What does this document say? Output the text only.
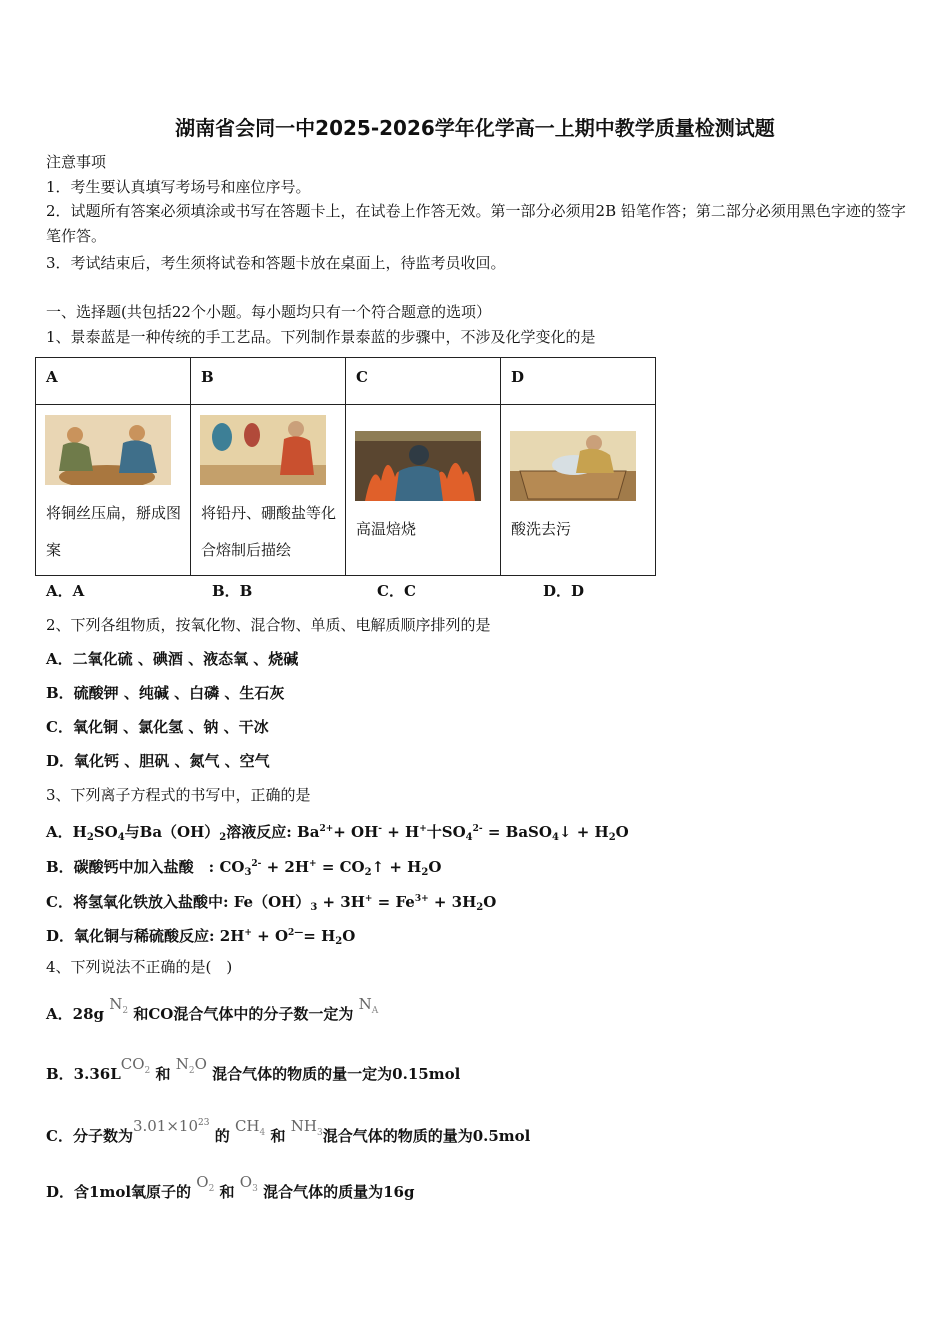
湖南省会同一中2025-2026学年化学高一上期中教学质量检测试题
注意事项
1．考生要认真填写考场号和座位序号。
2．试题所有答案必须填涂或书写在答题卡上，在试卷上作答无效。第一部分必须用2B 铅笔作答；第二部分必须用黑色字迹的签字笔作答。
3．考试结束后，考生须将试卷和答题卡放在桌面上，待监考员收回。
一、选择题(共包括22个小题。每小题均只有一个符合题意的选项）
1、景泰蓝是一种传统的手工艺品。下列制作景泰蓝的步骤中，不涉及化学变化的是
A	B	C	D

将铜丝压扁，掰成图案	将铅丹、硼酸盐等化合熔制后描绘	高温焙烧	酸洗去污
A．A	B．B	C．C	D．D
2、下列各组物质，按氧化物、混合物、单质、电解质顺序排列的是
A．二氧化硫 、碘酒 、液态氧 、烧碱
B．硫酸钾 、纯碱 、白磷 、生石灰
C．氧化铜 、氯化氢 、钠 、干冰
D．氧化钙 、胆矾 、氮气 、空气
3、下列离子方程式的书写中，正确的是
A．$H_2SO_4$与$Ba(OH)_2$溶液反应: $Ba^{2+}+ OH^- + H^+$十$SO_4^{2-}$ = BaSO$_4$↓ + $H_2O$
B．碳酸钙中加入盐酸　: $CO_3^{2-} + 2H^+$ = $CO_2↑ + H_2O$
C．将氢氧化铁放入盐酸中: $Fe(OH)_3 + 3H^+ = Fe^{3+} + 3H_2O$
D．氧化铜与稀硫酸反应: $2H^+ + O^{2—}= H_2O$
4、下列说法不正确的是(　)
A．28g $N_2$ 和CO混合气体中的分子数一定为 $N_A$
B．$3.36LCO_2$ 和 $N_2O$ 混合气体的物质的量一定为0.15mol
C．分子数为$3.01\times 10^{23}$ 的 $CH_4$ 和 $NH_3$混合气体的物质的量为0.5mol
D．含1mol氧原子的 $O_2$ 和 $O_3$ 混合气体的质量为16g
